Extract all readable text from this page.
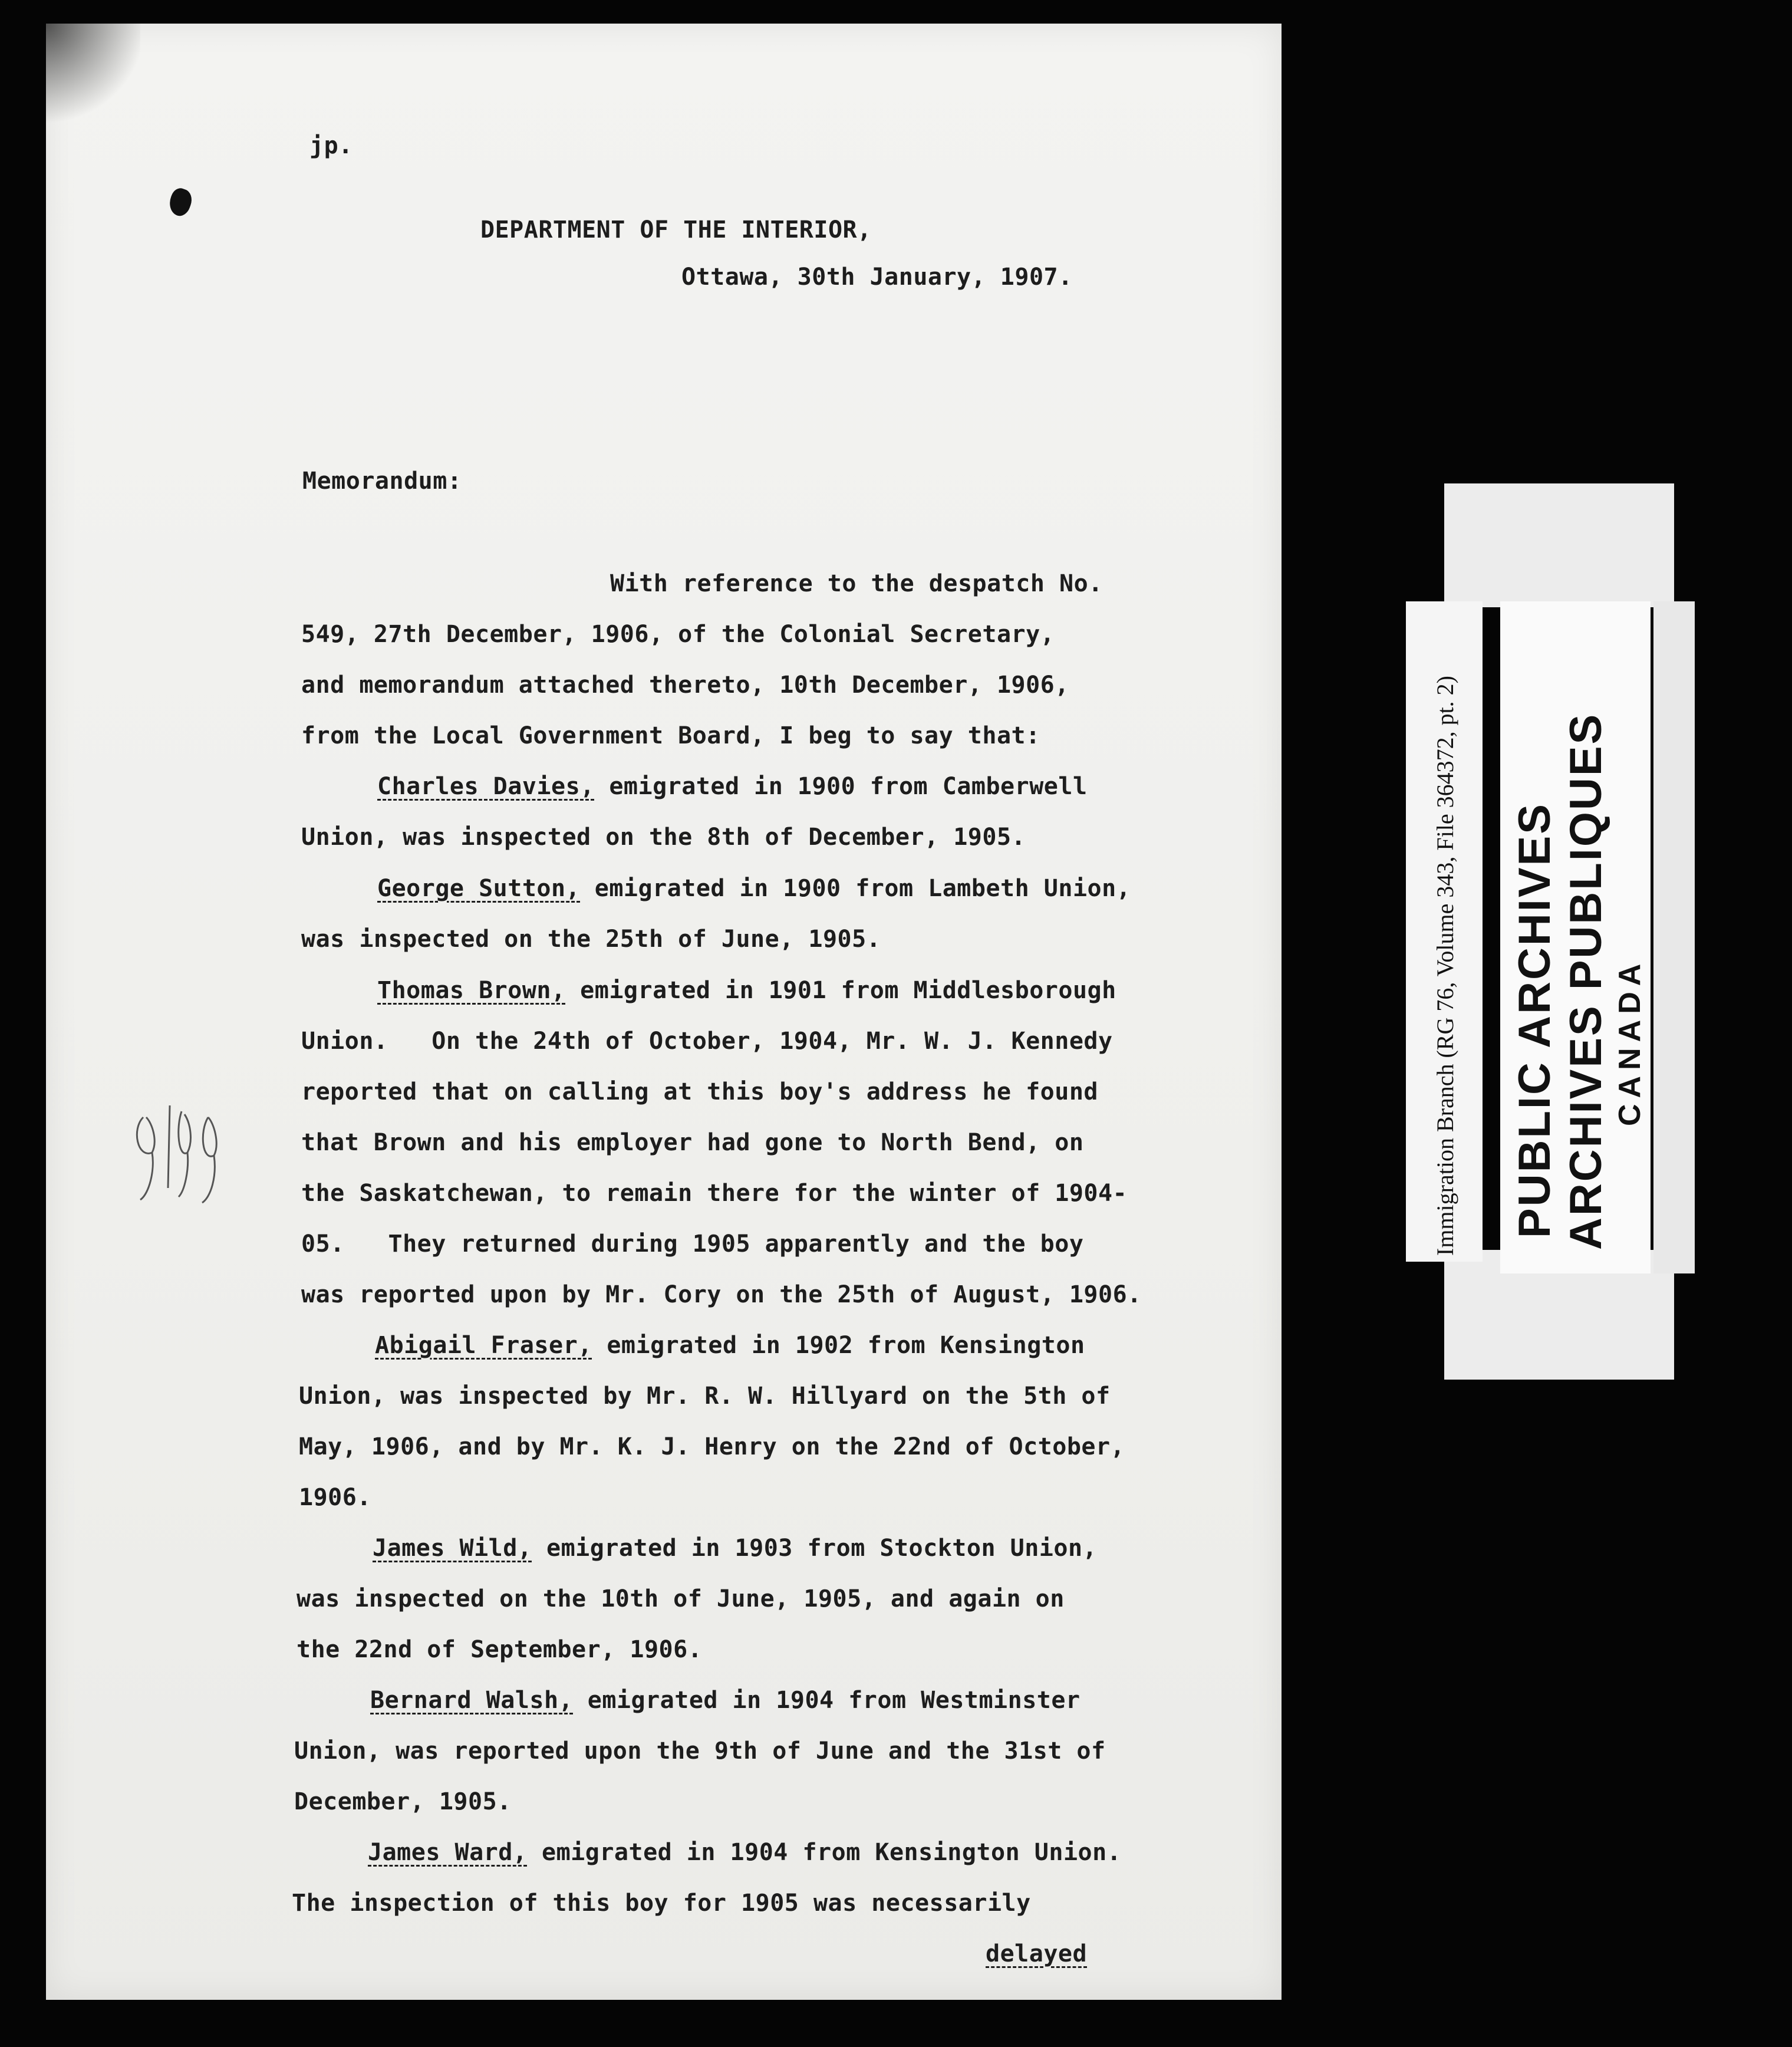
jp.
DEPARTMENT OF THE INTERIOR,
Ottawa, 30th January, 1907.
Memorandum:
With reference to the despatch No.
549, 27th December, 1906, of the Colonial Secretary,
and memorandum attached thereto, 10th December, 1906,
from the Local Government Board, I beg to say that:
Charles Davies, emigrated in 1900 from Camberwell
Union, was inspected on the 8th of December, 1905.
George Sutton, emigrated in 1900 from Lambeth Union,
was inspected on the 25th of June, 1905.
Thomas Brown, emigrated in 1901 from Middlesborough
Union.   On the 24th of October, 1904, Mr. W. J. Kennedy
reported that on calling at this boy's address he found
that Brown and his employer had gone to North Bend, on
the Saskatchewan, to remain there for the winter of 1904-
05.   They returned during 1905 apparently and the boy
was reported upon by Mr. Cory on the 25th of August, 1906.
Abigail Fraser, emigrated in 1902 from Kensington
Union, was inspected by Mr. R. W. Hillyard on the 5th of
May, 1906, and by Mr. K. J. Henry on the 22nd of October,
1906.
James Wild, emigrated in 1903 from Stockton Union,
was inspected on the 10th of June, 1905, and again on
the 22nd of September, 1906.
Bernard Walsh, emigrated in 1904 from Westminster
Union, was reported upon the 9th of June and the 31st of
December, 1905.
James Ward, emigrated in 1904 from Kensington Union.
The inspection of this boy for 1905 was necessarily
delayed
Immigration Branch (RG 76, Volume 343, File 364372, pt. 2) PUBLIC ARCHIVES ARCHIVES PUBLIQUES CANADA
